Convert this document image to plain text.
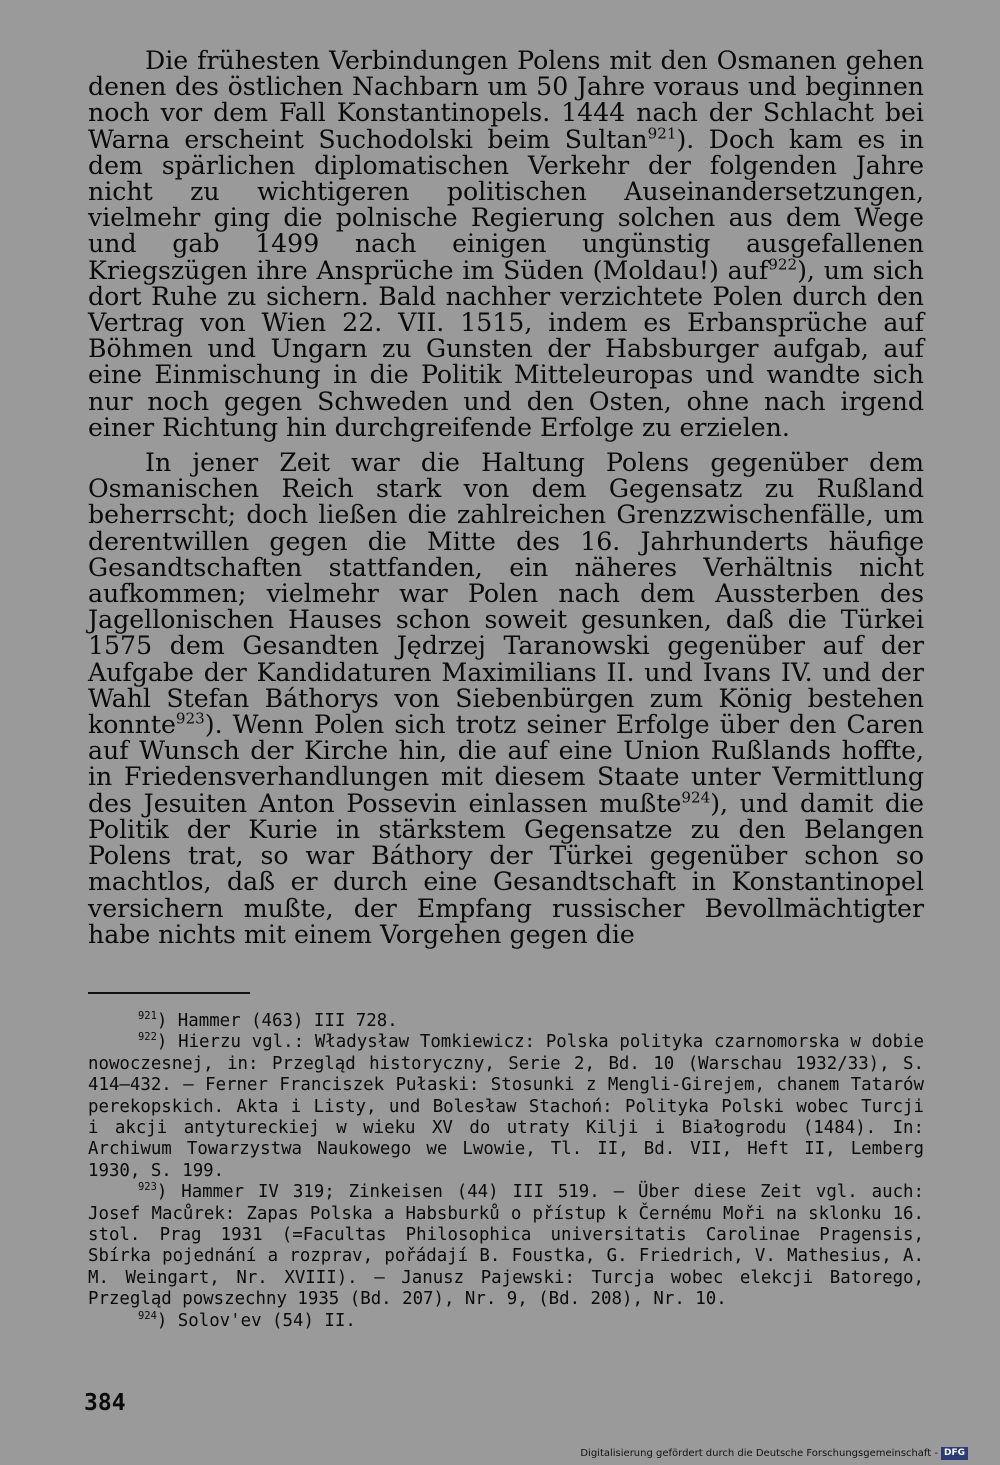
Die frühesten Verbindungen Polens mit den Osmanen gehen denen des östlichen Nachbarn um 50 Jahre voraus und beginnen noch vor dem Fall Konstantinopels. 1444 nach der Schlacht bei Warna erscheint Suchodolski beim Sultan$^{921}$). Doch kam es in dem spärlichen diplomatischen Verkehr der folgenden Jahre nicht zu wichtigeren politischen Auseinandersetzungen, vielmehr ging die polnische Regierung solchen aus dem Wege und gab 1499 nach einigen ungünstig ausgefallenen Kriegszügen ihre Ansprüche im Süden (Moldau!) auf$^{922}$), um sich dort Ruhe zu sichern. Bald nachher verzichtete Polen durch den Vertrag von Wien 22. VII. 1515, indem es Erbansprüche auf Böhmen und Ungarn zu Gunsten der Habsburger aufgab, auf eine Einmischung in die Politik Mitteleuropas und wandte sich nur noch gegen Schweden und den Osten, ohne nach irgend einer Richtung hin durchgreifende Erfolge zu erzielen.

In jener Zeit war die Haltung Polens gegenüber dem Osmanischen Reich stark von dem Gegensatz zu Rußland beherrscht; doch ließen die zahlreichen Grenzzwischenfälle, um derentwillen gegen die Mitte des 16. Jahrhunderts häufige Gesandtschaften stattfanden, ein näheres Verhältnis nicht aufkommen; vielmehr war Polen nach dem Aussterben des Jagellonischen Hauses schon soweit gesunken, daß die Türkei 1575 dem Gesandten Jędrzej Taranowski gegenüber auf der Aufgabe der Kandidaturen Maximilians II. und Ivans IV. und der Wahl Stefan Báthorys von Siebenbürgen zum König bestehen konnte$^{923}$). Wenn Polen sich trotz seiner Erfolge über den Caren auf Wunsch der Kirche hin, die auf eine Union Rußlands hoffte, in Friedensverhandlungen mit diesem Staate unter Vermittlung des Jesuiten Anton Possevin einlassen mußte$^{924}$), und damit die Politik der Kurie in stärkstem Gegensatze zu den Belangen Polens trat, so war Báthory der Türkei gegenüber schon so machtlos, daß er durch eine Gesandtschaft in Konstantinopel versichern mußte, der Empfang russischer Bevollmächtigter habe nichts mit einem Vorgehen gegen die

$^{921}$) Hammer (463) III 728.

$^{922}$) Hierzu vgl.: Władysław Tomkiewicz: Polska polityka czarnomorska w dobie nowoczesnej, in: Przegląd historyczny, Serie 2, Bd. 10 (Warschau 1932/33), S. 414—432. — Ferner Franciszek Pułaski: Stosunki z Mengli-Girejem, chanem Tatarów perekopskich. Akta i Listy, und Bolesław Stachoń: Polityka Polski wobec Turcji i akcji antytureckiej w wieku XV do utraty Kilji i Białogrodu (1484). In: Archiwum Towarzystwa Naukowego we Lwowie, Tl. II, Bd. VII, Heft II, Lemberg 1930, S. 199.

$^{923}$) Hammer IV 319; Zinkeisen (44) III 519. — Über diese Zeit vgl. auch: Josef Macůrek: Zapas Polska a Habsburků o přístup k Černému Moři na sklonku 16. stol. Prag 1931 (=Facultas Philosophica universitatis Carolinae Pragensis, Sbírka pojednání a rozprav, pořádají B. Foustka, G. Friedrich, V. Mathesius, A. M. Weingart, Nr. XVIII). — Janusz Pajewski: Turcja wobec elekcji Batorego, Przegląd powszechny 1935 (Bd. 207), Nr. 9, (Bd. 208), Nr. 10.

$^{924}$) Solov'ev (54) II.

384
Digitalisierung gefördert durch die Deutsche Forschungsgemeinschaft - DFG
